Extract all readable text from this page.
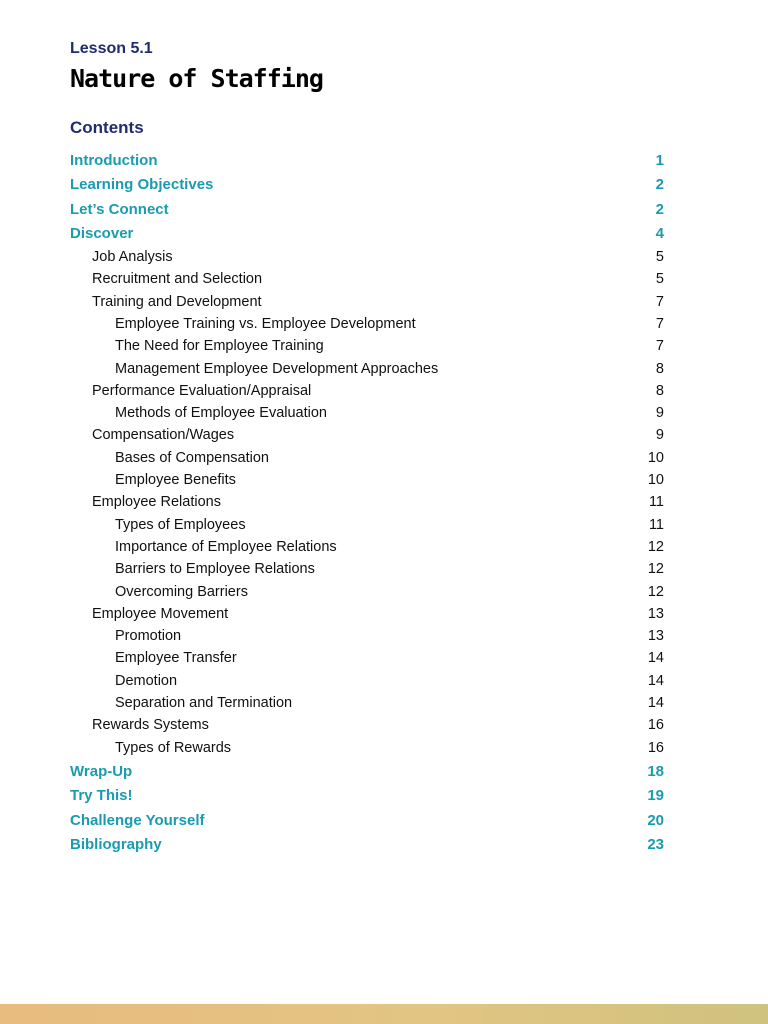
Lesson 5.1
Nature of Staffing
Contents
Introduction	1
Learning Objectives	2
Let’s Connect	2
Discover	4
Job Analysis	5
Recruitment and Selection	5
Training and Development	7
Employee Training vs. Employee Development	7
The Need for Employee Training	7
Management Employee Development Approaches	8
Performance Evaluation/Appraisal	8
Methods of Employee Evaluation	9
Compensation/Wages	9
Bases of Compensation	10
Employee Benefits	10
Employee Relations	11
Types of Employees	11
Importance of Employee Relations	12
Barriers to Employee Relations	12
Overcoming Barriers	12
Employee Movement	13
Promotion	13
Employee Transfer	14
Demotion	14
Separation and Termination	14
Rewards Systems	16
Types of Rewards	16
Wrap-Up	18
Try This!	19
Challenge Yourself	20
Bibliography	23
